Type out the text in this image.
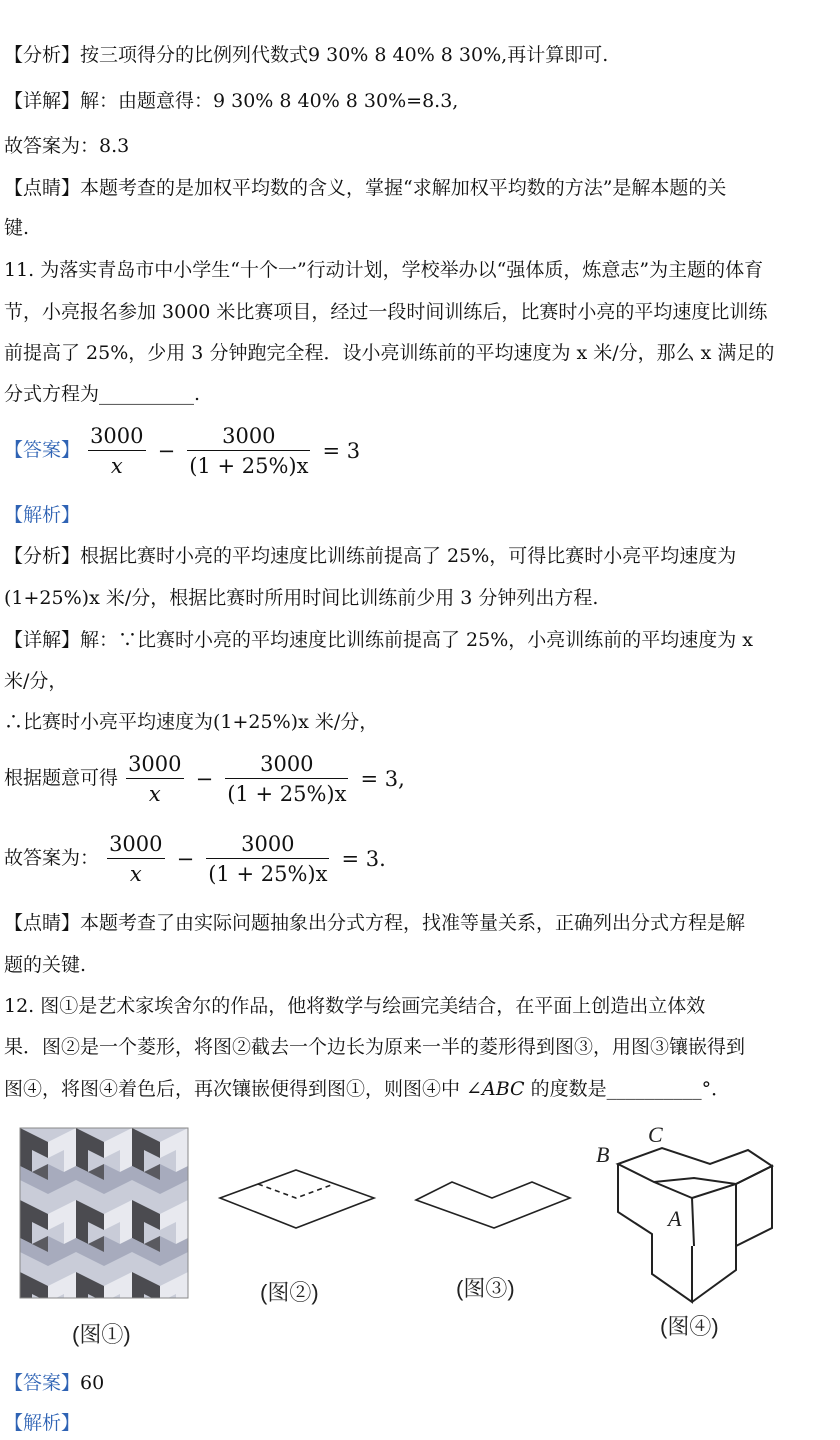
【分析】按三项得分的比例列代数式9 30% 8 40% 8 30%,再计算即可.
【详解】解：由题意得：9 30% 8 40% 8 30%=8.3,
故答案为：8.3
【点睛】本题考查的是加权平均数的含义，掌握“求解加权平均数的方法”是解本题的关
键.
11. 为落实青岛市中小学生“十个一”行动计划，学校举办以“强体质，炼意志”为主题的体育
节，小亮报名参加 3000 米比赛项目，经过一段时间训练后，比赛时小亮的平均速度比训练
前提高了 25%，少用 3 分钟跑完全程．设小亮训练前的平均速度为 x 米/分，那么 x 满足的
分式方程为__________.
【答案】 $\frac{3000}{x} - \frac{3000}{(1 + 25\%)x} = 3$
【解析】
【分析】根据比赛时小亮的平均速度比训练前提高了 25%，可得比赛时小亮平均速度为
(1+25%)x 米/分，根据比赛时所用时间比训练前少用 3 分钟列出方程.
【详解】解：∵比赛时小亮的平均速度比训练前提高了 25%，小亮训练前的平均速度为 x
米/分，
∴比赛时小亮平均速度为(1+25%)x 米/分，
根据题意可得 $\frac{3000}{x} - \frac{3000}{(1 + 25\%)x} = 3$,
故答案为： $\frac{3000}{x} - \frac{3000}{(1 + 25\%)x} = 3$.
【点睛】本题考查了由实际问题抽象出分式方程，找准等量关系，正确列出分式方程是解
题的关键.
12. 图①是艺术家埃舍尔的作品，他将数学与绘画完美结合，在平面上创造出立体效
果．图②是一个菱形，将图②截去一个边长为原来一半的菱形得到图③，用图③镶嵌得到
图④，将图④着色后，再次镶嵌便得到图①，则图④中 ∠ABC 的度数是__________°．
(图①)
(图②)	(图③)
B
C
A
(图④)
【答案】60
【解析】
